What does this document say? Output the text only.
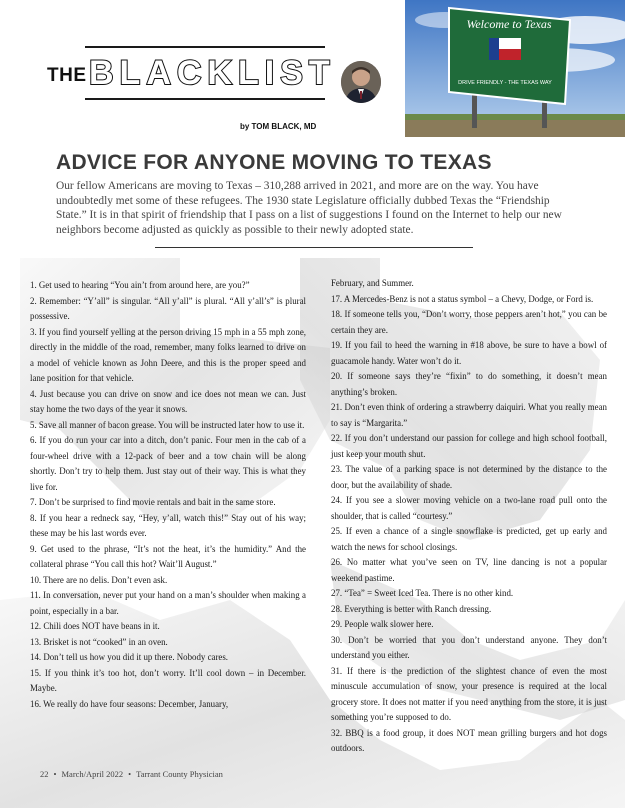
THE BLACKLIST
by TOM BLACK, MD
Welcome to Texas
DRIVE FRIENDLY - THE TEXAS WAY
ADVICE FOR ANYONE MOVING TO TEXAS

Our fellow Americans are moving to Texas – 310,288 arrived in 2021, and more are on the way. You have undoubtedly met some of these refugees. The 1930 state Legislature officially dubbed Texas the “Friendship State.” It is in that spirit of friendship that I pass on a list of suggestions I found on the Internet to help our new neighbors become adjusted as quickly as possible to their newly adopted state.

1. Get used to hearing “You ain’t from around here, are you?”

2. Remember: “Y’all” is singular. “All y’all” is plural. “All y’all’s” is plural possessive.

3. If you find yourself yelling at the person driving 15 mph in a 55 mph zone, directly in the middle of the road, remember, many folks learned to drive on a model of vehicle known as John Deere, and this is the proper speed and lane position for that vehicle.

4. Just because you can drive on snow and ice does not mean we can. Just stay home the two days of the year it snows.

5. Save all manner of bacon grease. You will be instructed later how to use it.

6. If you do run your car into a ditch, don’t panic. Four men in the cab of a four-wheel drive with a 12-pack of beer and a tow chain will be along shortly. Don’t try to help them. Just stay out of their way. This is what they live for.

7. Don’t be surprised to find movie rentals and bait in the same store.

8. If you hear a redneck say, “Hey, y’all, watch this!” Stay out of his way; these may be his last words ever.

9. Get used to the phrase, “It’s not the heat, it’s the humidity.” And the collateral phrase “You call this hot? Wait’ll August.”

10. There are no delis. Don’t even ask.

11. In conversation, never put your hand on a man’s shoulder when making a point, especially in a bar.

12. Chili does NOT have beans in it.

13. Brisket is not “cooked” in an oven.

14. Don’t tell us how you did it up there. Nobody cares.

15. If you think it’s too hot, don’t worry. It’ll cool down – in December. Maybe.

16. We really do have four seasons: December, January,

February, and Summer.

17. A Mercedes-Benz is not a status symbol – a Chevy, Dodge, or Ford is.

18. If someone tells you, “Don’t worry, those peppers aren’t hot,” you can be certain they are.

19. If you fail to heed the warning in #18 above, be sure to have a bowl of guacamole handy. Water won’t do it.

20. If someone says they’re “fixin” to do something, it doesn’t mean anything’s broken.

21. Don’t even think of ordering a strawberry daiquiri. What you really mean to say is “Margarita.”

22. If you don’t understand our passion for college and high school football, just keep your mouth shut.

23. The value of a parking space is not determined by the distance to the door, but the availability of shade.

24. If you see a slower moving vehicle on a two-lane road pull onto the shoulder, that is called “courtesy.”

25. If even a chance of a single snowflake is predicted, get up early and watch the news for school closings.

26. No matter what you’ve seen on TV, line dancing is not a popular weekend pastime.

27. “Tea” = Sweet Iced Tea. There is no other kind.

28. Everything is better with Ranch dressing.

29. People walk slower here.

30. Don’t be worried that you don’t understand anyone. They don’t understand you either.

31. If there is the prediction of the slightest chance of even the most minuscule accumulation of snow, your presence is required at the local grocery store. It does not matter if you need anything from the store, it is just something you’re supposed to do.

32. BBQ is a food group, it does NOT mean grilling burgers and hot dogs outdoors.

22 • March/April 2022 • Tarrant County Physician
